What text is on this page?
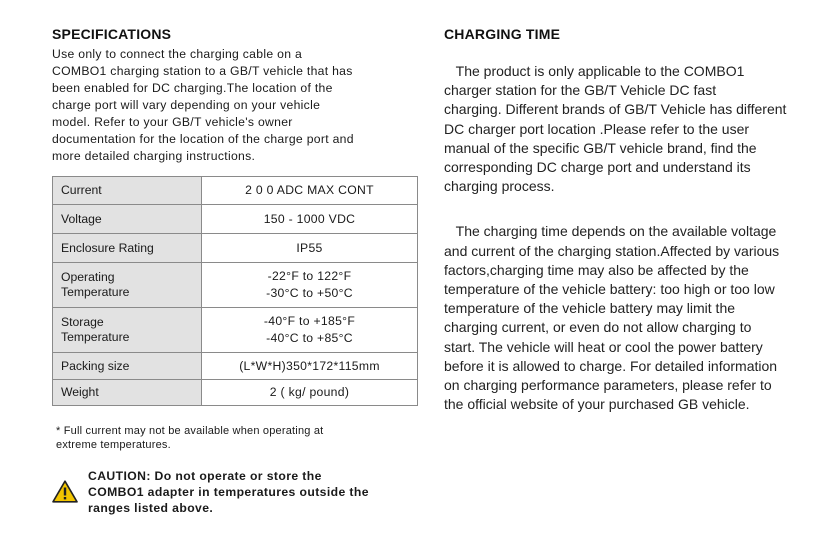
SPECIFICATIONS

Use only to connect the charging cable on a
COMBO1 charging station to a GB/T vehicle that has
been enabled for DC charging.The location of the
charge port will vary depending on your vehicle
model. Refer to your GB/T vehicle's owner
documentation for the location of the charge port and
more detailed charging instructions.

Current	2 0 0 ADC MAX CONT
Voltage	150 - 1000 VDC
Enclosure Rating	IP55
Operating
Temperature	-22°F to 122°F
-30°C to +50°C
Storage
Temperature	-40°F to +185°F
-40°C to +85°C
Packing size	(L*W*H)350*172*115mm
Weight	2 ( kg/ pound)
* Full current may not be available when operating at
extreme temperatures.

CAUTION: Do not operate or store the
COMBO1 adapter in temperatures outside the
ranges listed above.

CHARGING TIME

The product is only applicable to the COMBO1
charger station for the GB/T Vehicle DC fast
charging. Different brands of GB/T Vehicle has different
DC charger port location .Please refer to the user
manual of the specific GB/T vehicle brand, find the
corresponding DC charge port and understand its
charging process.

The charging time depends on the available voltage
and current of the charging station.Affected by various
factors,charging time may also be affected by the
temperature of the vehicle battery: too high or too low
temperature of the vehicle battery may limit the
charging current, or even do not allow charging to
start. The vehicle will heat or cool the power battery
before it is allowed to charge. For detailed information
on charging performance parameters, please refer to
the official website of your purchased GB vehicle.
